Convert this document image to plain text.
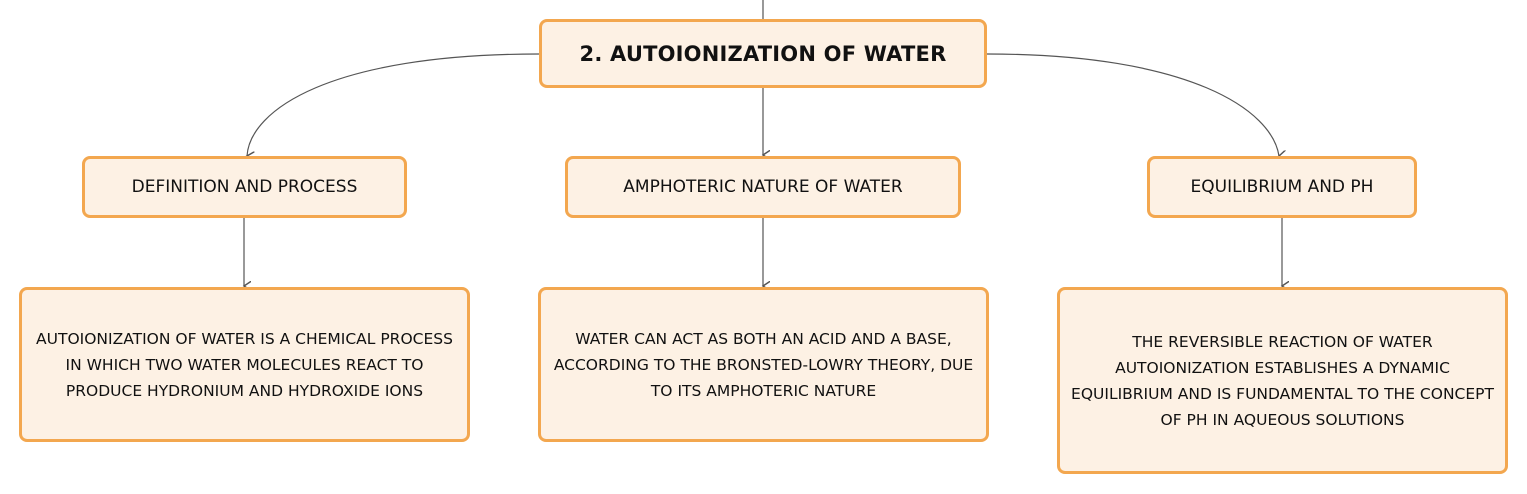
2. AUTOIONIZATION OF WATER
DEFINITION AND PROCESS	AMPHOTERIC NATURE OF WATER	EQUILIBRIUM AND PH
AUTOIONIZATION OF WATER IS A CHEMICAL PROCESS IN WHICH TWO WATER MOLECULES REACT TO PRODUCE HYDRONIUM AND HYDROXIDE IONS
WATER CAN ACT AS BOTH AN ACID AND A BASE, ACCORDING TO THE BRONSTED-LOWRY THEORY, DUE TO ITS AMPHOTERIC NATURE
THE REVERSIBLE REACTION OF WATER AUTOIONIZATION ESTABLISHES A DYNAMIC EQUILIBRIUM AND IS FUNDAMENTAL TO THE CONCEPT OF PH IN AQUEOUS SOLUTIONS
